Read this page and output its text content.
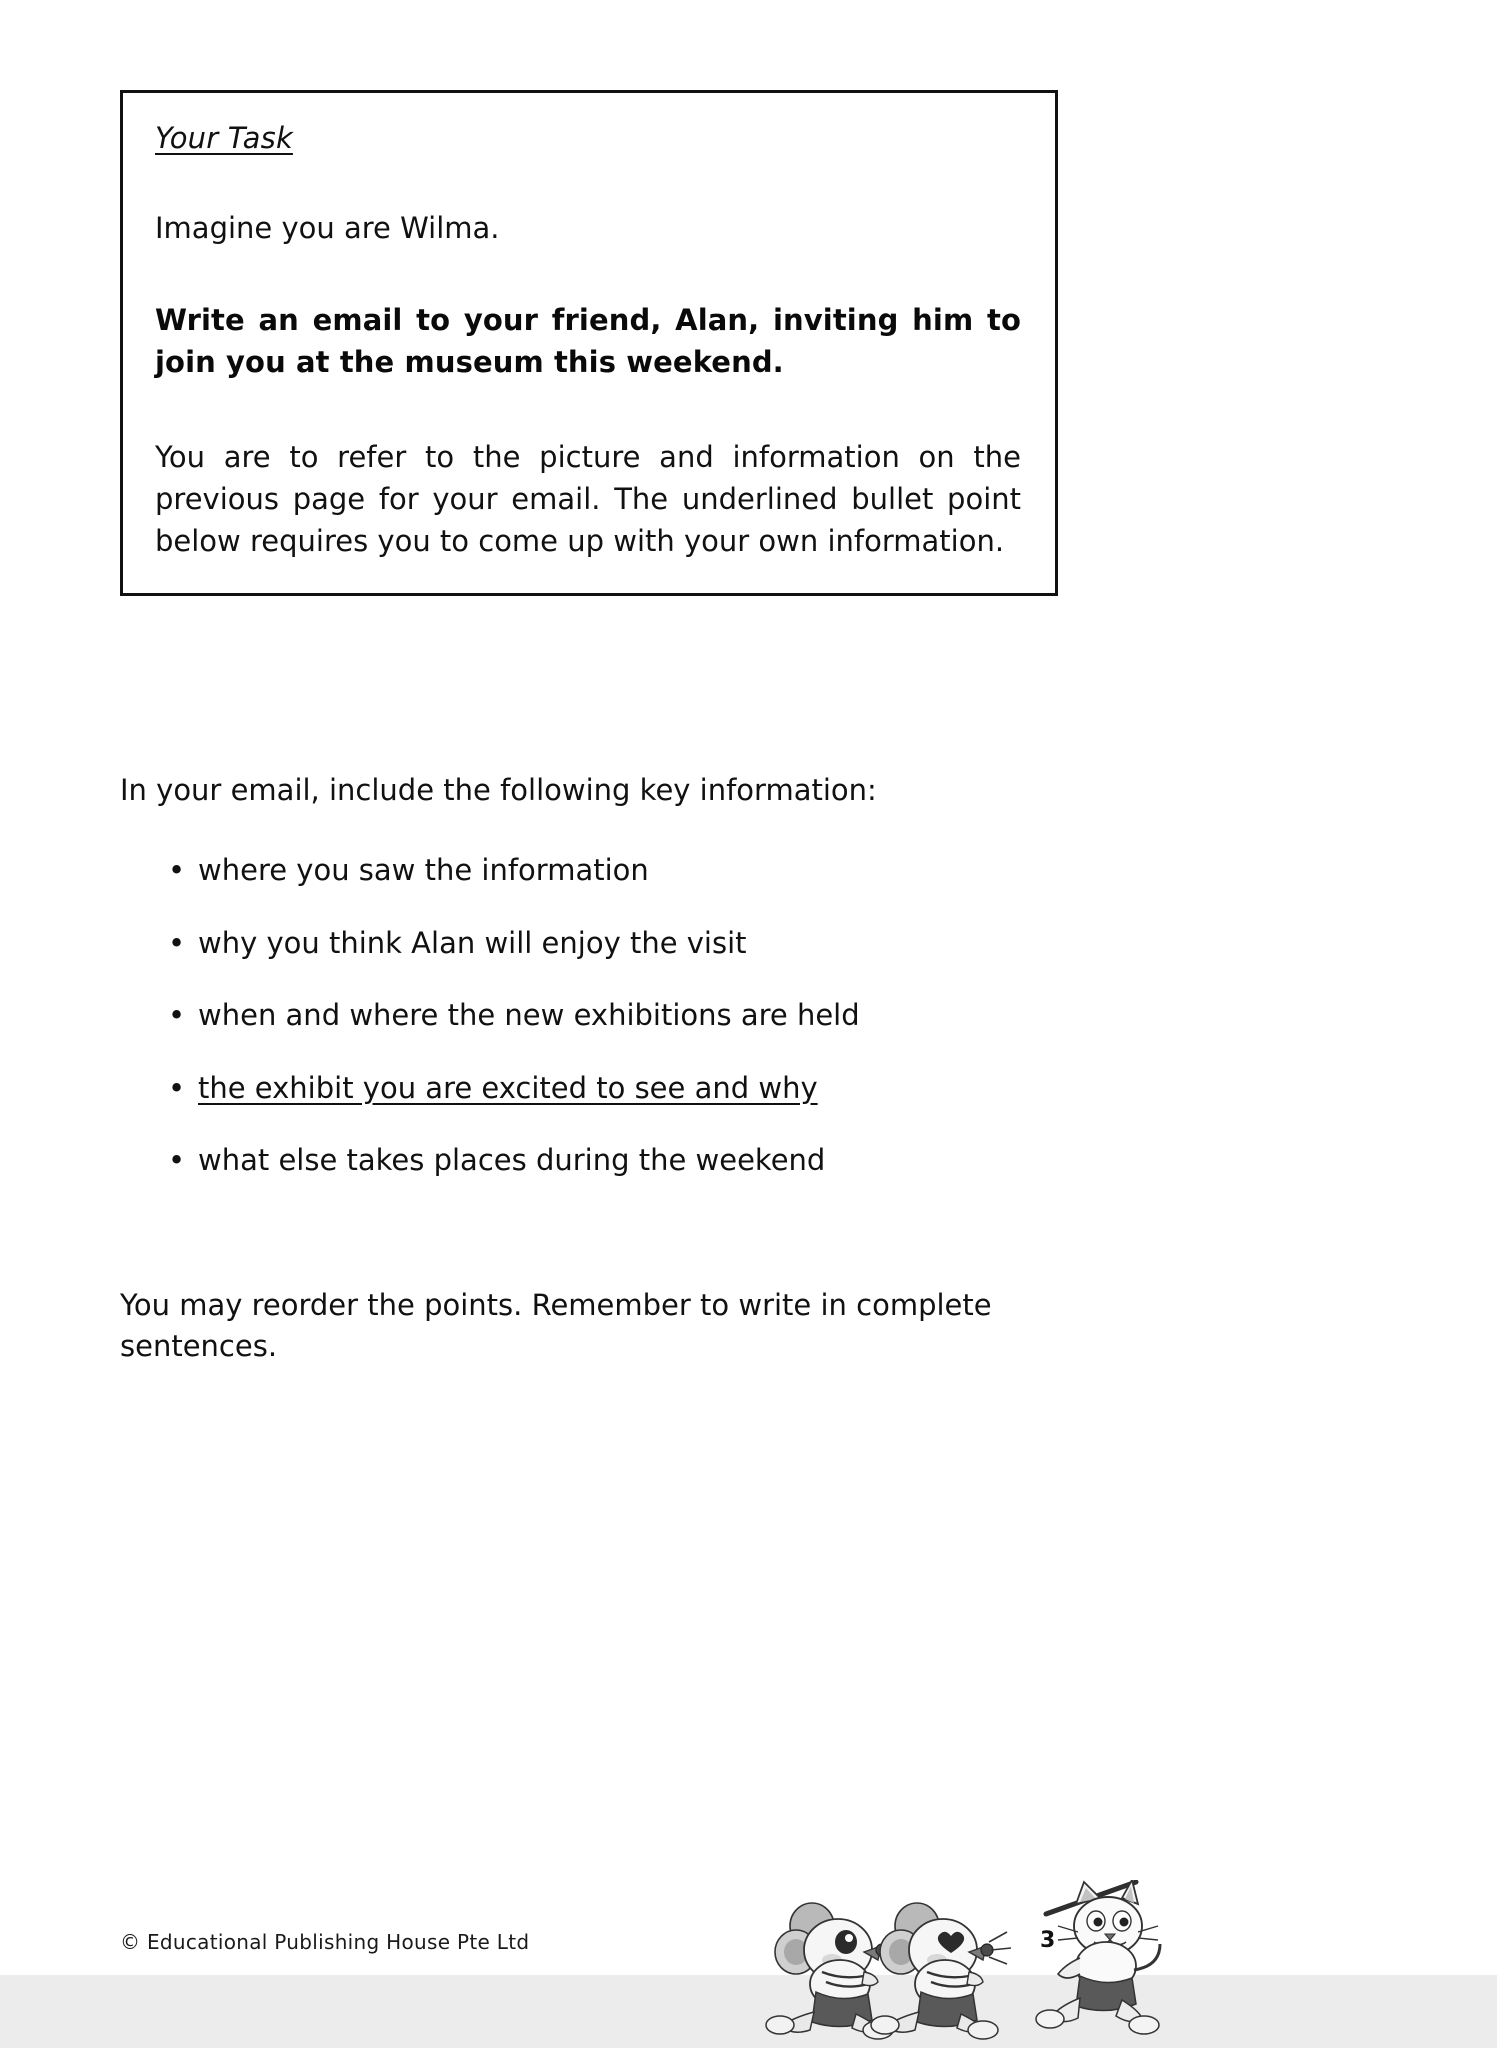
Your Task
Imagine you are Wilma.
Write an email to your friend, Alan, inviting him to join you at the museum this weekend.
You are to refer to the picture and information on the previous page for your email. The underlined bullet point below requires you to come up with your own information.
In your email, include the following key information:
• where you saw the information
• why you think Alan will enjoy the visit
• when and where the new exhibitions are held
• the exhibit you are excited to see and why
• what else takes places during the weekend
You may reorder the points. Remember to write in complete sentences.
© Educational Publishing House Pte Ltd	3
